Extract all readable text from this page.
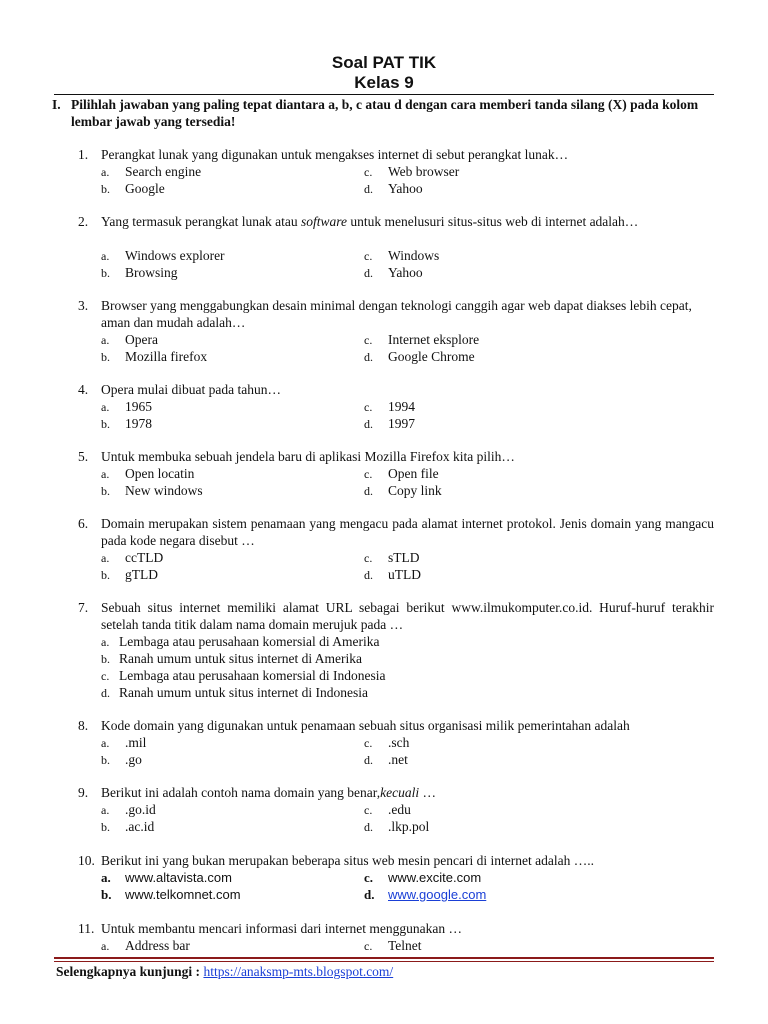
Soal PAT TIK
Kelas 9
I. Pilihlah jawaban yang paling tepat diantara a, b, c atau d dengan cara memberi tanda silang (X) pada kolom lembar jawab yang tersedia!
1. Perangkat lunak yang digunakan untuk mengakses internet di sebut perangkat lunak…
a. Search engine
b. Google
c. Web browser
d. Yahoo
2. Yang termasuk perangkat lunak atau software untuk menelusuri situs-situs web di internet adalah…
a. Windows explorer
b. Browsing
c. Windows
d. Yahoo
3. Browser yang menggabungkan desain minimal dengan teknologi canggih agar web dapat diakses lebih cepat, aman dan mudah adalah…
a. Opera
b. Mozilla firefox
c. Internet eksplore
d. Google Chrome
4. Opera mulai dibuat pada tahun…
a. 1965
b. 1978
c. 1994
d. 1997
5. Untuk membuka sebuah jendela baru di aplikasi Mozilla Firefox kita pilih…
a. Open locatin
b. New windows
c. Open file
d. Copy link
6. Domain merupakan sistem penamaan yang mengacu pada alamat internet protokol. Jenis domain yang mangacu pada kode negara disebut …
a. ccTLD
b. gTLD
c. sTLD
d. uTLD
7. Sebuah situs internet memiliki alamat URL sebagai berikut www.ilmukomputer.co.id. Huruf-huruf terakhir setelah tanda titik dalam nama domain merujuk pada …
a. Lembaga atau perusahaan komersial di Amerika
b. Ranah umum untuk situs internet di Amerika
c. Lembaga atau perusahaan komersial di Indonesia
d. Ranah umum untuk situs internet di Indonesia
8. Kode domain yang digunakan untuk penamaan sebuah situs organisasi milik pemerintahan adalah
a. .mil
b. .go
c. .sch
d. .net
9. Berikut ini adalah contoh nama domain yang benar,kecuali …
a. .go.id
b. .ac.id
c. .edu
d. .lkp.pol
10. Berikut ini yang bukan merupakan beberapa situs web mesin pencari di internet adalah …..
a. www.altavista.com
b. www.telkomnet.com
c. www.excite.com
d. www.google.com
11. Untuk membantu mencari informasi dari internet menggunakan …
a. Address bar	c. Telnet
Selengkapnya kunjungi : https://anaksmp-mts.blogspot.com/
